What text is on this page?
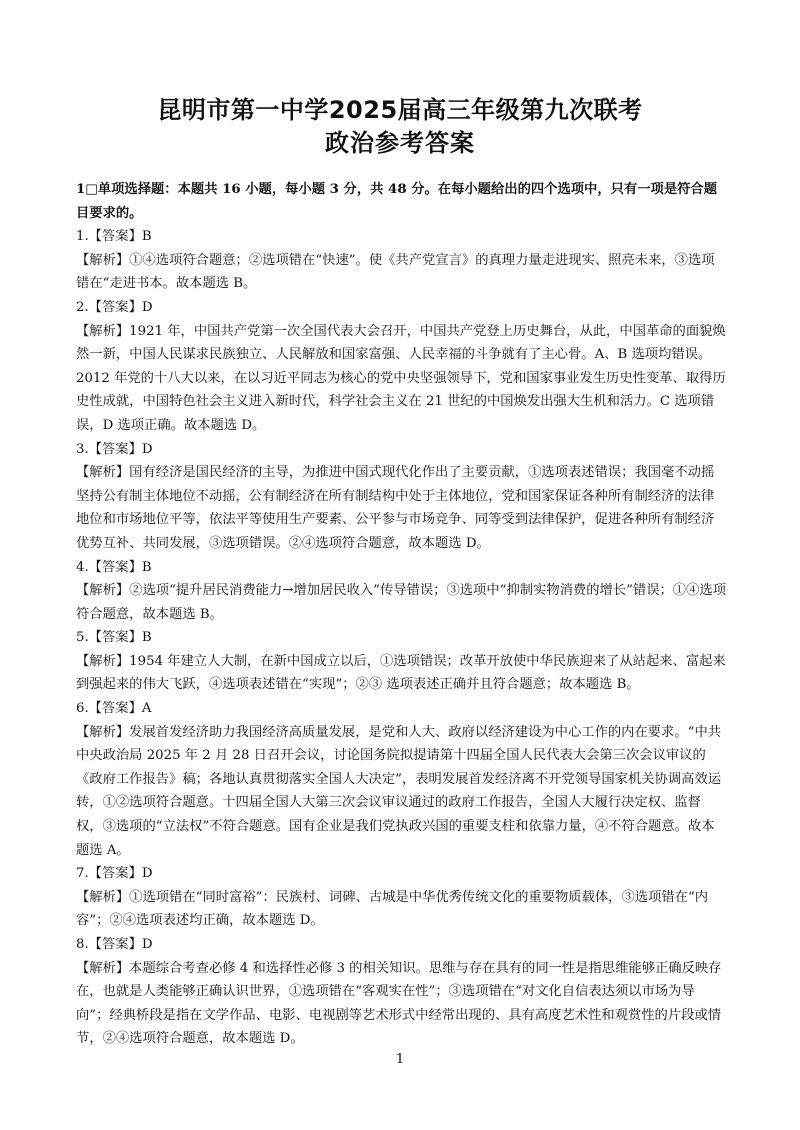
昆明市第一中学2025届高三年级第九次联考
政治参考答案

1□单项选择题：本题共 16 小题，每小题 3 分，共 48 分。在每小题给出的四个选项中，只有一项是符合题目要求的。

1.【答案】B

【解析】①④选项符合题意；②选项错在“快速”。使《共产党宣言》的真理力量走进现实、照亮未来，③选项错在“走进书本。故本题选 B。

2.【答案】D

【解析】1921 年，中国共产党第一次全国代表大会召开，中国共产党登上历史舞台，从此，中国革命的面貌焕然一新，中国人民谋求民族独立、人民解放和国家富强、人民幸福的斗争就有了主心骨。A、B 选项均错误。2012 年党的十八大以来，在以习近平同志为核心的党中央坚强领导下，党和国家事业发生历史性变革、取得历史性成就，中国特色社会主义进入新时代，科学社会主义在 21 世纪的中国焕发出强大生机和活力。C 选项错误，D 选项正确。故本题选 D。

3.【答案】D

【解析】国有经济是国民经济的主导，为推进中国式现代化作出了主要贡献，①选项表述错误；我国毫不动摇坚持公有制主体地位不动摇，公有制经济在所有制结构中处于主体地位，党和国家保证各种所有制经济的法律地位和市场地位平等，依法平等使用生产要素、公平参与市场竞争、同等受到法律保护，促进各种所有制经济优势互补、共同发展，③选项错误。②④选项符合题意，故本题选 D。

4.【答案】B

【解析】②选项“提升居民消费能力→增加居民收入”传导错误；③选项中“抑制实物消费的增长”错误；①④选项符合题意，故本题选 B。

5.【答案】B

【解析】1954 年建立人大制，在新中国成立以后，①选项错误；改革开放使中华民族迎来了从站起来、富起来到强起来的伟大飞跃，④选项表述错在“实现”；②③ 选项表述正确并且符合题意；故本题选 B。

6.【答案】A

【解析】发展首发经济助力我国经济高质量发展，是党和人大、政府以经济建设为中心工作的内在要求。“中共中央政治局 2025 年 2 月 28 日召开会议，讨论国务院拟提请第十四届全国人民代表大会第三次会议审议的《政府工作报告》稿；各地认真贯彻落实全国人大决定”，表明发展首发经济离不开党领导国家机关协调高效运转，①②选项符合题意。十四届全国人大第三次会议审议通过的政府工作报告，全国人大履行决定权、监督权，③选项的“立法权”不符合题意。国有企业是我们党执政兴国的重要支柱和依靠力量，④不符合题意。故本题选 A。

7.【答案】D

【解析】①选项错在“同时富裕”：民族村、词碑、古城是中华优秀传统文化的重要物质载体，③选项错在“内容”；②④选项表述均正确，故本题选 D。

8.【答案】D

【解析】本题综合考查必修 4 和选择性必修 3 的相关知识。思维与存在具有的同一性是指思维能够正确反映存在，也就是人类能够正确认识世界，①选项错在“客观实在性”；③选项错在“对文化自信表达须以市场为导向”；经典桥段是指在文学作品、电影、电视剧等艺术形式中经常出现的、具有高度艺术性和观赏性的片段或情节，②④选项符合题意，故本题选 D。

1
